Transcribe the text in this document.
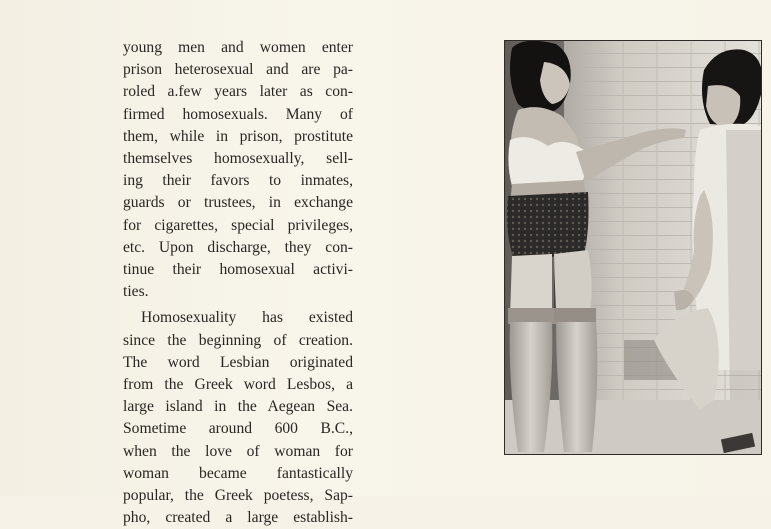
young men and women enter
prison heterosexual and are pa-
roled a.few years later as con-
firmed homosexuals. Many of
them, while in prison, prostitute
themselves homosexually, sell-
ing their favors to inmates,
guards or trustees, in exchange
for cigarettes, special privileges,
etc. Upon discharge, they con-
tinue their homosexual activi-
ties.
Homosexuality has existed
since the beginning of creation.
The word Lesbian originated
from the Greek word Lesbos, a
large island in the Aegean Sea.
Sometime around 600 B.C.,
when the love of woman for
woman became fantastically
popular, the Greek poetess, Sap-
pho, created a large establish-
